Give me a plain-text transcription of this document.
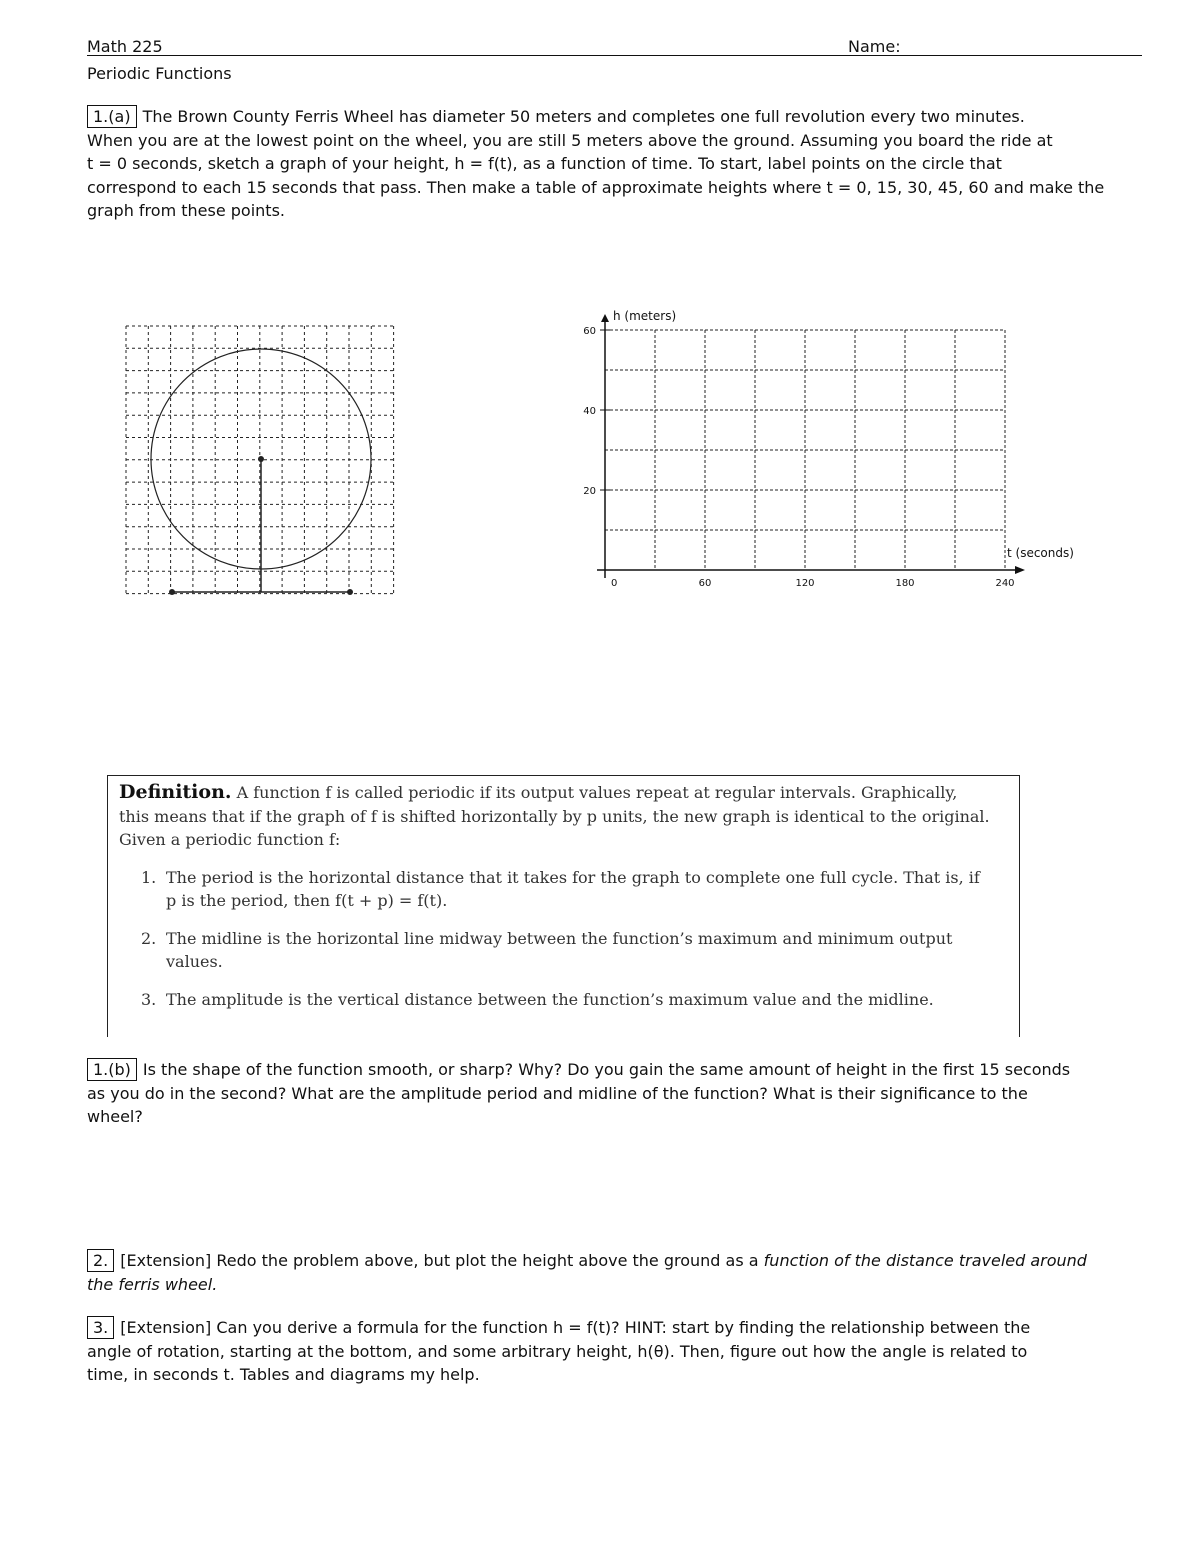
Math 225	Name:
Periodic Functions
1.(a) The Brown County Ferris Wheel has diameter 50 meters and completes one full revolution every two minutes.
When you are at the lowest point on the wheel, you are still 5 meters above the ground. Assuming you board the ride at
t = 0 seconds, sketch a graph of your height, h = f(t), as a function of time. To start, label points on the circle that
correspond to each 15 seconds that pass. Then make a table of approximate heights where t = 0, 15, 30, 45, 60 and make the
graph from these points.
0	60	120	180	240
20
40
60
h (meters)
t (seconds)
Definition. A function f is called periodic if its output values repeat at regular intervals. Graphically,
this means that if the graph of f is shifted horizontally by p units, the new graph is identical to the original.
Given a periodic function f:
1. The period is the horizontal distance that it takes for the graph to complete one full cycle. That is, if
p is the period, then f(t + p) = f(t).
2. The midline is the horizontal line midway between the function’s maximum and minimum output
values.
3. The amplitude is the vertical distance between the function’s maximum value and the midline.
1.(b) Is the shape of the function smooth, or sharp? Why? Do you gain the same amount of height in the first 15 seconds
as you do in the second? What are the amplitude period and midline of the function? What is their significance to the
wheel?
2. [Extension] Redo the problem above, but plot the height above the ground as a function of the distance traveled around
the ferris wheel.
3. [Extension] Can you derive a formula for the function h = f(t)? HINT: start by finding the relationship between the
angle of rotation, starting at the bottom, and some arbitrary height, h(θ). Then, figure out how the angle is related to
time, in seconds t. Tables and diagrams my help.
